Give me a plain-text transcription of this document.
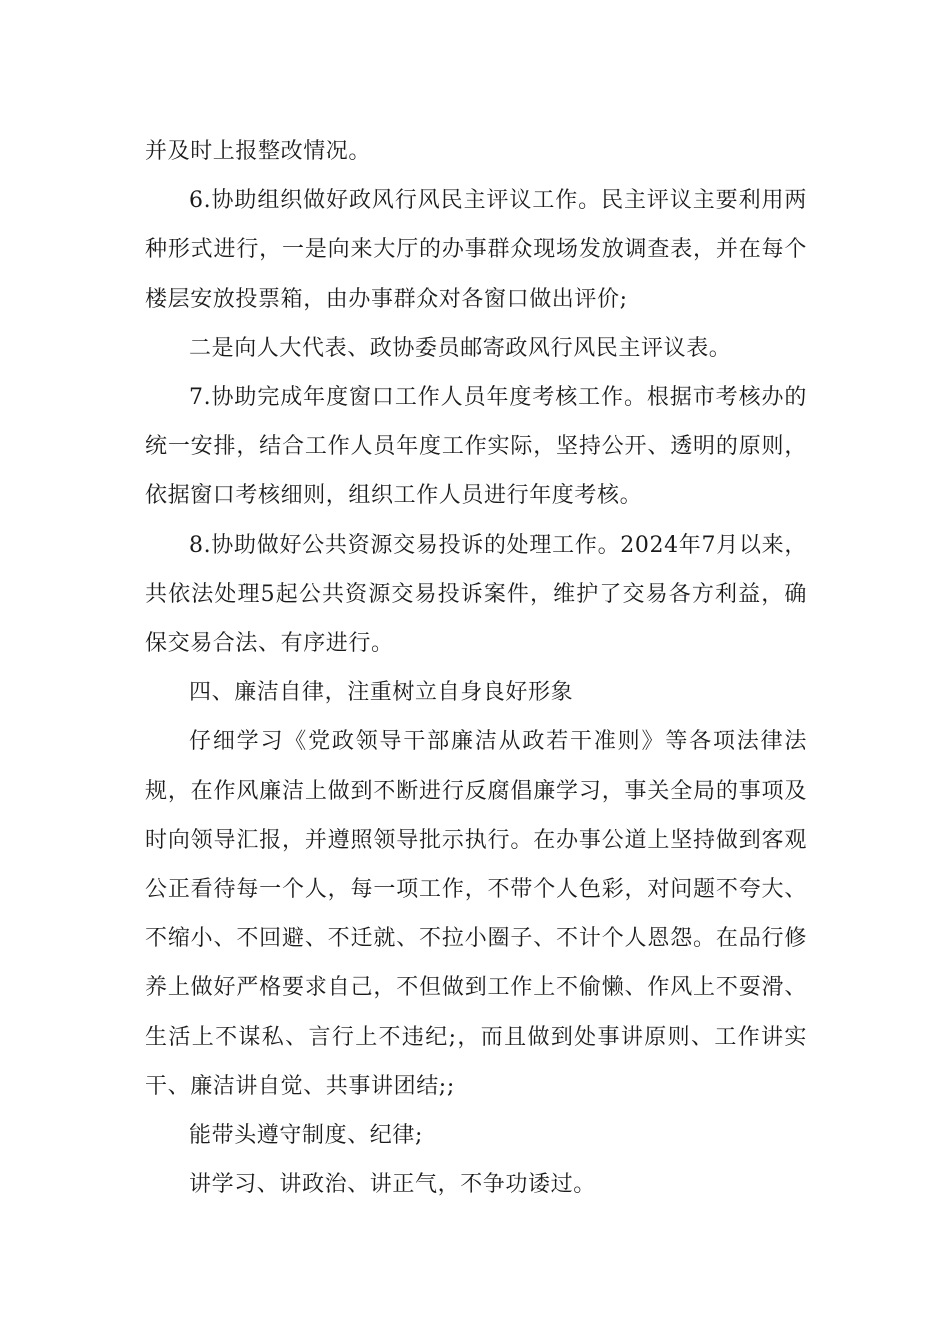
并及时上报整改情况。

6.协助组织做好政风行风民主评议工作。民主评议主要利用两种形式进行，一是向来大厅的办事群众现场发放调查表，并在每个楼层安放投票箱，由办事群众对各窗口做出评价;

二是向人大代表、政协委员邮寄政风行风民主评议表。

7.协助完成年度窗口工作人员年度考核工作。根据市考核办的统一安排，结合工作人员年度工作实际，坚持公开、透明的原则，依据窗口考核细则，组织工作人员进行年度考核。

8.协助做好公共资源交易投诉的处理工作。2024年7月以来，共依法处理5起公共资源交易投诉案件，维护了交易各方利益，确保交易合法、有序进行。

四、廉洁自律，注重树立自身良好形象

仔细学习《党政领导干部廉洁从政若干准则》等各项法律法规，在作风廉洁上做到不断进行反腐倡廉学习，事关全局的事项及时向领导汇报，并遵照领导批示执行。在办事公道上坚持做到客观公正看待每一个人，每一项工作，不带个人色彩，对问题不夸大、不缩小、不回避、不迁就、不拉小圈子、不计个人恩怨。在品行修养上做好严格要求自己，不但做到工作上不偷懒、作风上不耍滑、生活上不谋私、言行上不违纪;，而且做到处事讲原则、工作讲实干、廉洁讲自觉、共事讲团结;;

能带头遵守制度、纪律;

讲学习、讲政治、讲正气，不争功诿过。
